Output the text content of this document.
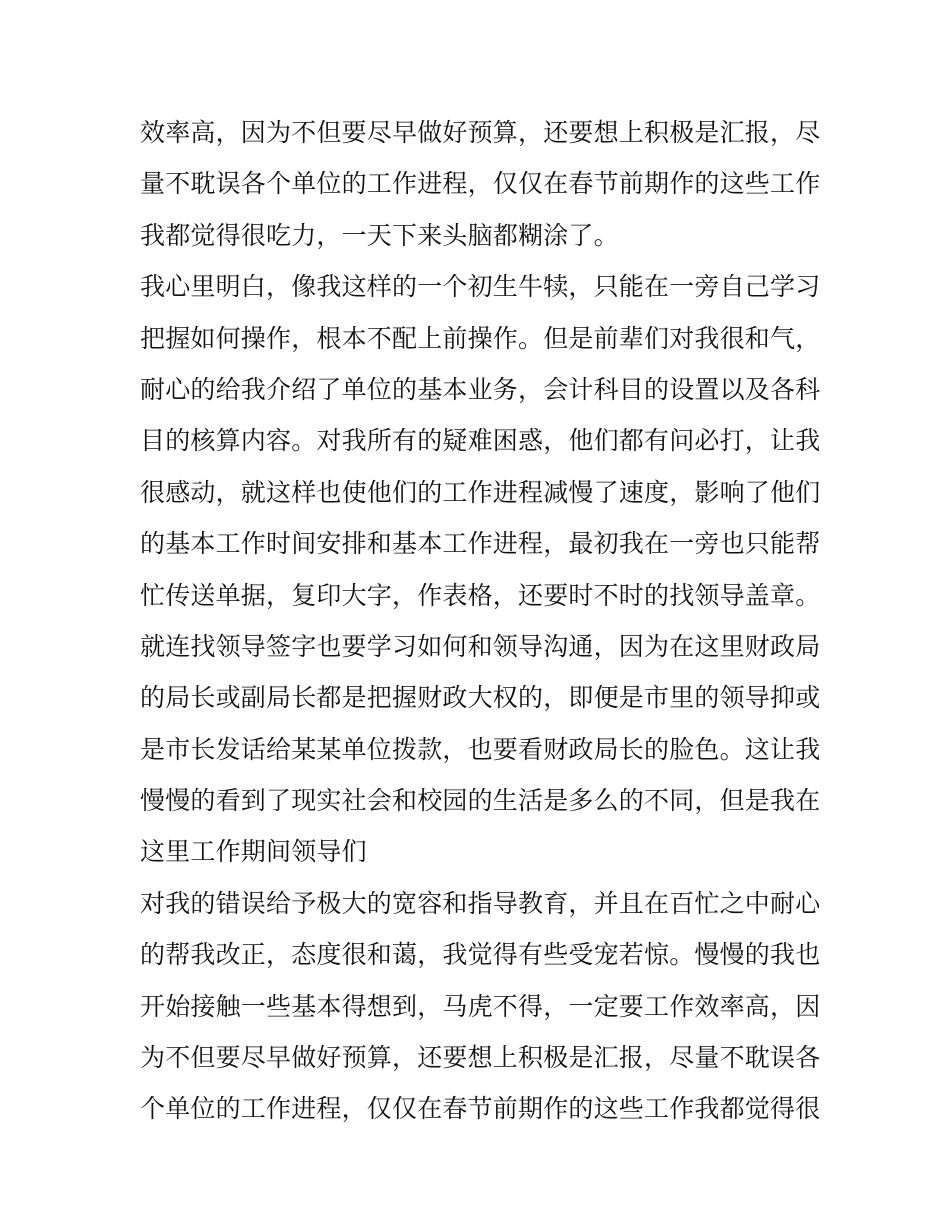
效率高，因为不但要尽早做好预算，还要想上积极是汇报，尽
量不耽误各个单位的工作进程，仅仅在春节前期作的这些工作
我都觉得很吃力，一天下来头脑都糊涂了。
我心里明白，像我这样的一个初生牛犊，只能在一旁自己学习
把握如何操作，根本不配上前操作。但是前辈们对我很和气，
耐心的给我介绍了单位的基本业务，会计科目的设置以及各科
目的核算内容。对我所有的疑难困惑，他们都有问必打，让我
很感动，就这样也使他们的工作进程减慢了速度，影响了他们
的基本工作时间安排和基本工作进程，最初我在一旁也只能帮
忙传送单据，复印大字，作表格，还要时不时的找领导盖章。
就连找领导签字也要学习如何和领导沟通，因为在这里财政局
的局长或副局长都是把握财政大权的，即便是市里的领导抑或
是市长发话给某某单位拨款，也要看财政局长的脸色。这让我
慢慢的看到了现实社会和校园的生活是多么的不同，但是我在
这里工作期间领导们
对我的错误给予极大的宽容和指导教育，并且在百忙之中耐心
的帮我改正，态度很和蔼，我觉得有些受宠若惊。慢慢的我也
开始接触一些基本得想到，马虎不得，一定要工作效率高，因
为不但要尽早做好预算，还要想上积极是汇报，尽量不耽误各
个单位的工作进程，仅仅在春节前期作的这些工作我都觉得很
